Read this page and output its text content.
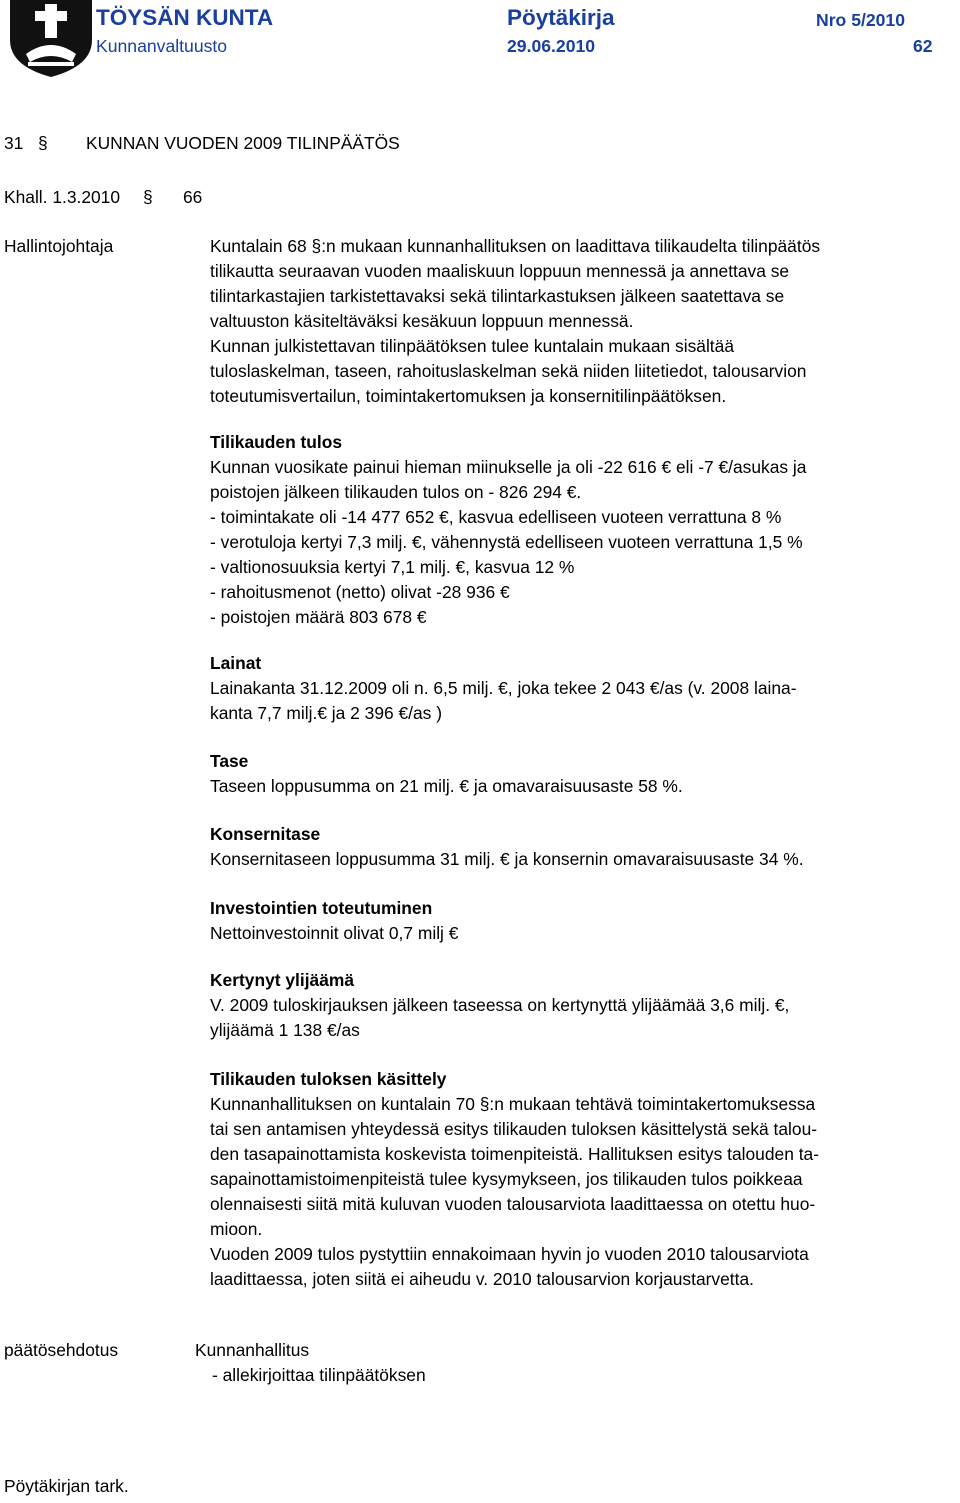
TÖYSÄN KUNTA	Pöytäkirja	Nro 5/2010
Kunnanvaltuusto	29.06.2010	62
31 § KUNNAN VUODEN 2009 TILINPÄÄTÖS
Khall. 1.3.2010 § 66
Hallintojohtaja	Kuntalain 68 §:n mukaan kunnanhallituksen on laadittava tilikaudelta tilinpäätös
tilikautta seuraavan vuoden maaliskuun loppuun mennessä ja annettava se
tilintarkastajien tarkistettavaksi sekä tilintarkastuksen jälkeen saatettava se
valtuuston käsiteltäväksi kesäkuun loppuun mennessä.
Kunnan julkistettavan tilinpäätöksen tulee kuntalain mukaan sisältää
tuloslaskelman, taseen, rahoituslaskelman sekä niiden liitetiedot, talousarvion
toteutumisvertailun, toimintakertomuksen ja konsernitilinpäätöksen.
Tilikauden tulos
Kunnan vuosikate painui hieman miinukselle ja oli -22 616 € eli -7 €/asukas ja
poistojen jälkeen tilikauden tulos on - 826 294 €.
- toimintakate oli -14 477 652 €, kasvua edelliseen vuoteen verrattuna 8 %
- verotuloja kertyi 7,3 milj. €, vähennystä edelliseen vuoteen verrattuna 1,5 %
- valtionosuuksia kertyi 7,1 milj. €, kasvua 12 %
- rahoitusmenot (netto) olivat -28 936 €
- poistojen määrä 803 678 €
Lainat
Lainakanta 31.12.2009 oli n. 6,5 milj. €, joka tekee 2 043 €/as (v. 2008 laina-
kanta 7,7 milj.€ ja 2 396 €/as )
Tase
Taseen loppusumma on 21 milj. € ja omavaraisuusaste 58 %.
Konsernitase
Konsernitaseen loppusumma 31 milj. € ja konsernin omavaraisuusaste 34 %.
Investointien toteutuminen
Nettoinvestoinnit olivat 0,7 milj €
Kertynyt ylijäämä
V. 2009 tuloskirjauksen jälkeen taseessa on kertynyttä ylijäämää 3,6 milj. €,
ylijäämä 1 138 €/as
Tilikauden tuloksen käsittely
Kunnanhallituksen on kuntalain 70 §:n mukaan tehtävä toimintakertomuksessa
tai sen antamisen yhteydessä esitys tilikauden tuloksen käsittelystä sekä talou-
den tasapainottamista koskevista toimenpiteistä. Hallituksen esitys talouden ta-
sapainottamistoimenpiteistä tulee kysymykseen, jos tilikauden tulos poikkeaa
olennaisesti siitä mitä kuluvan vuoden talousarviota laadittaessa on otettu huo-
mioon.
Vuoden 2009 tulos pystyttiin ennakoimaan hyvin jo vuoden 2010 talousarviota
laadittaessa, joten siitä ei aiheudu v. 2010 talousarvion korjaustarvetta.
päätösehdotus	Kunnanhallitus
- allekirjoittaa tilinpäätöksen
Pöytäkirjan tark.
